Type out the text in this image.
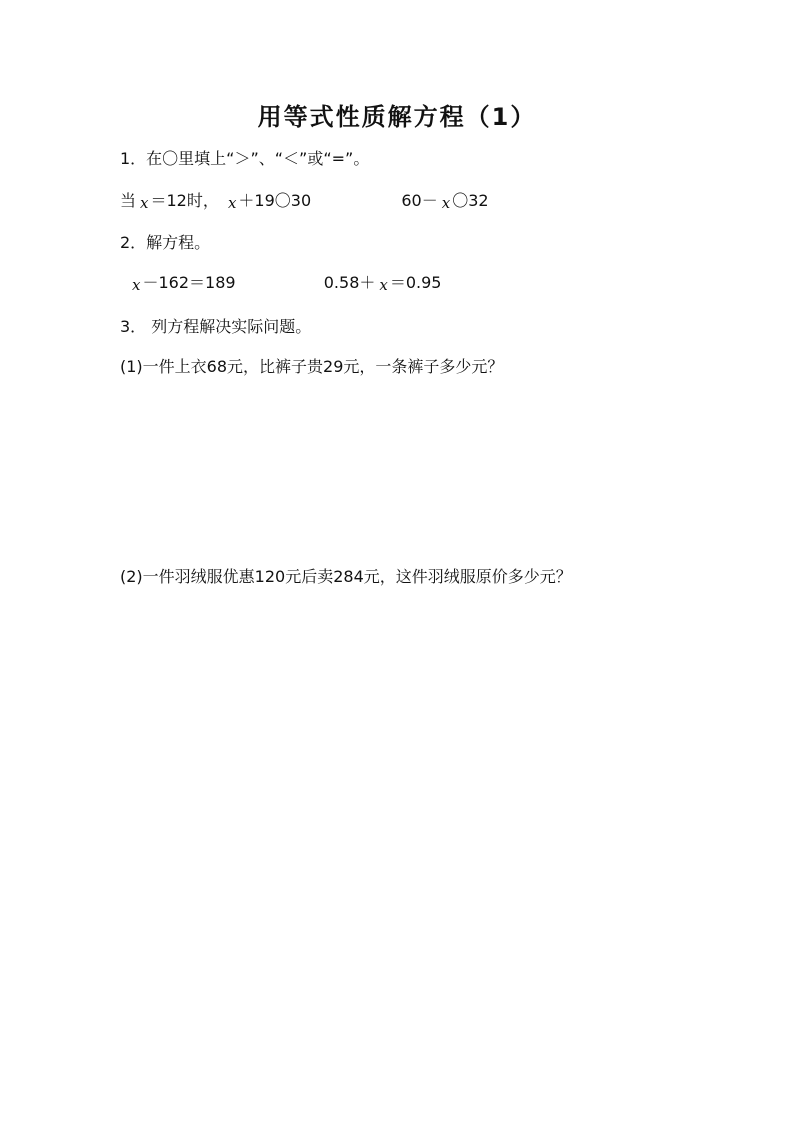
用等式性质解方程（1）
1．在〇里填上“＞”、“＜”或“=”。
当 x ＝12时， x ＋19〇30	60－ x 〇32
2．解方程。
x －162＝189	0.58＋ x ＝0.95
3． 列方程解决实际问题。
(1)一件上衣68元，比裤子贵29元，一条裤子多少元？
(2)一件羽绒服优惠120元后卖284元，这件羽绒服原价多少元？
